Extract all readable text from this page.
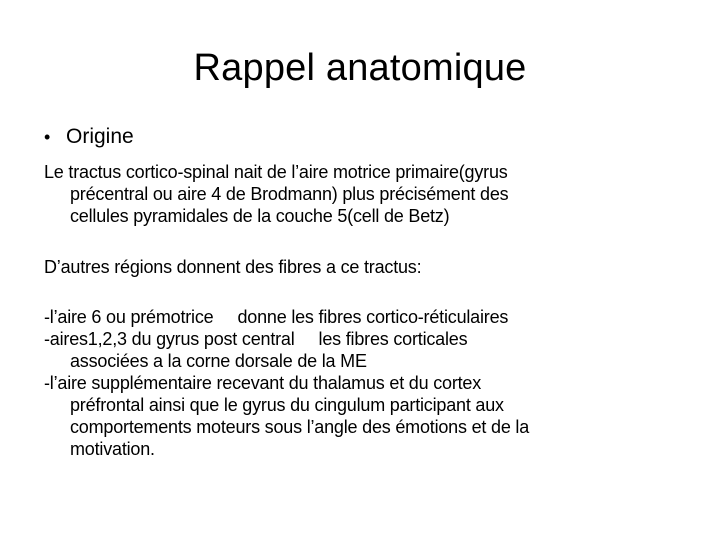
Rappel anatomique
• Origine
Le tractus cortico-spinal nait de l’aire motrice primaire(gyrus
précentral ou aire 4 de Brodmann) plus précisément des
cellules pyramidales de la couche 5(cell de Betz)
D’autres régions donnent des fibres a ce tractus:
-l’aire 6 ou prémotrice donne les fibres cortico-réticulaires
-aires1,2,3 du gyrus post central les fibres corticales
associées a la corne dorsale de la ME
-l’aire supplémentaire recevant du thalamus et du cortex
préfrontal ainsi que le gyrus du cingulum participant aux
comportements moteurs sous l’angle des émotions et de la
motivation.
